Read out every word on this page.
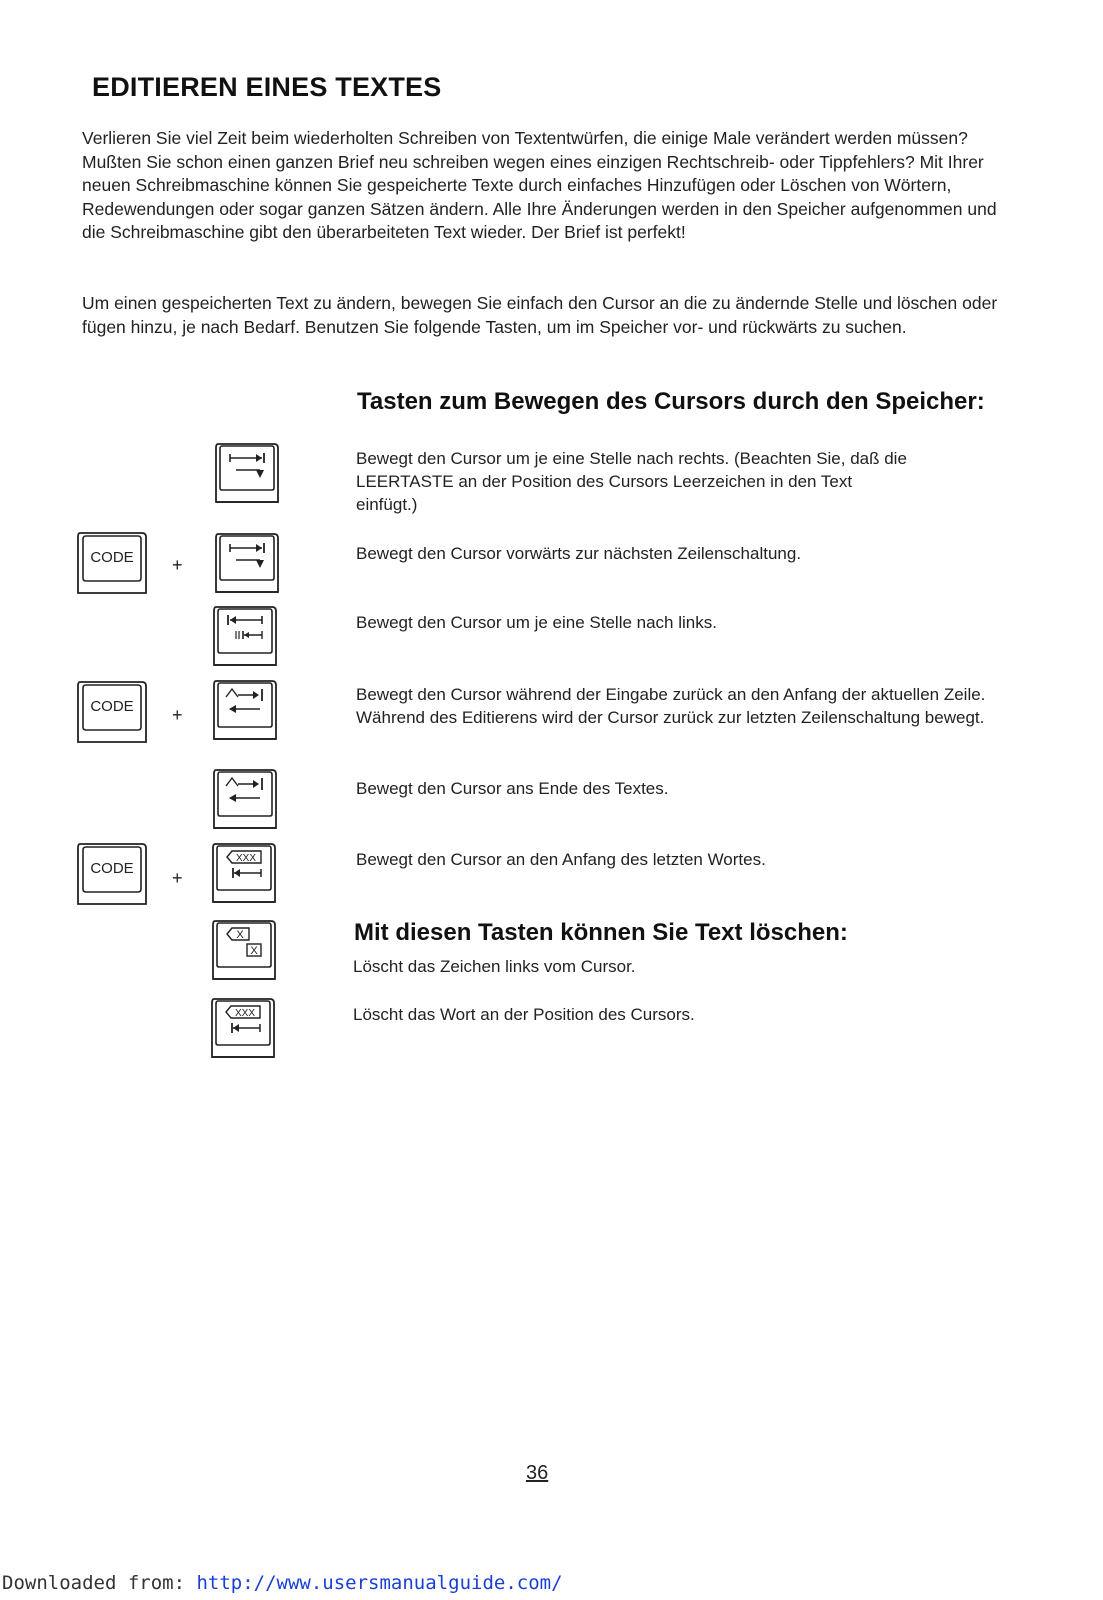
EDITIEREN EINES TEXTES

Verlieren Sie viel Zeit beim wiederholten Schreiben von Textentwürfen, die einige Male verändert werden müssen? Mußten Sie schon einen ganzen Brief neu schreiben wegen eines einzigen Rechtschreib- oder Tippfehlers? Mit Ihrer neuen Schreibmaschine können Sie gespeicherte Texte durch einfaches Hinzufügen oder Löschen von Wörtern, Redewendungen oder sogar ganzen Sätzen ändern. Alle Ihre Änderungen werden in den Speicher aufgenommen und die Schreibmaschine gibt den überarbeiteten Text wieder. Der Brief ist perfekt!

Um einen gespeicherten Text zu ändern, bewegen Sie einfach den Cursor an die zu ändernde Stelle und löschen oder fügen hinzu, je nach Bedarf. Benutzen Sie folgende Tasten, um im Speicher vor- und rückwärts zu suchen.

Tasten zum Bewegen des Cursors durch den Speicher:

Bewegt den Cursor um je eine Stelle nach rechts. (Beachten Sie, daß die LEERTASTE an der Position des Cursors Leerzeichen in den Text einfügt.)

CODE +

Bewegt den Cursor vorwärts zur nächsten Zeilenschaltung.

Bewegt den Cursor um je eine Stelle nach links.

CODE +

Bewegt den Cursor während der Eingabe zurück an den Anfang der aktuellen Zeile. Während des Editierens wird der Cursor zurück zur letzten Zeilenschaltung bewegt.

Bewegt den Cursor ans Ende des Textes.

CODE +
XXX	Bewegt den Cursor an den Anfang des letzten Wortes.

Mit diesen Tasten können Sie Text löschen:
X
X

Löscht das Zeichen links vom Cursor.

XXX	Löscht das Wort an der Position des Cursors.

36
Downloaded from: http://www.usersmanualguide.com/
